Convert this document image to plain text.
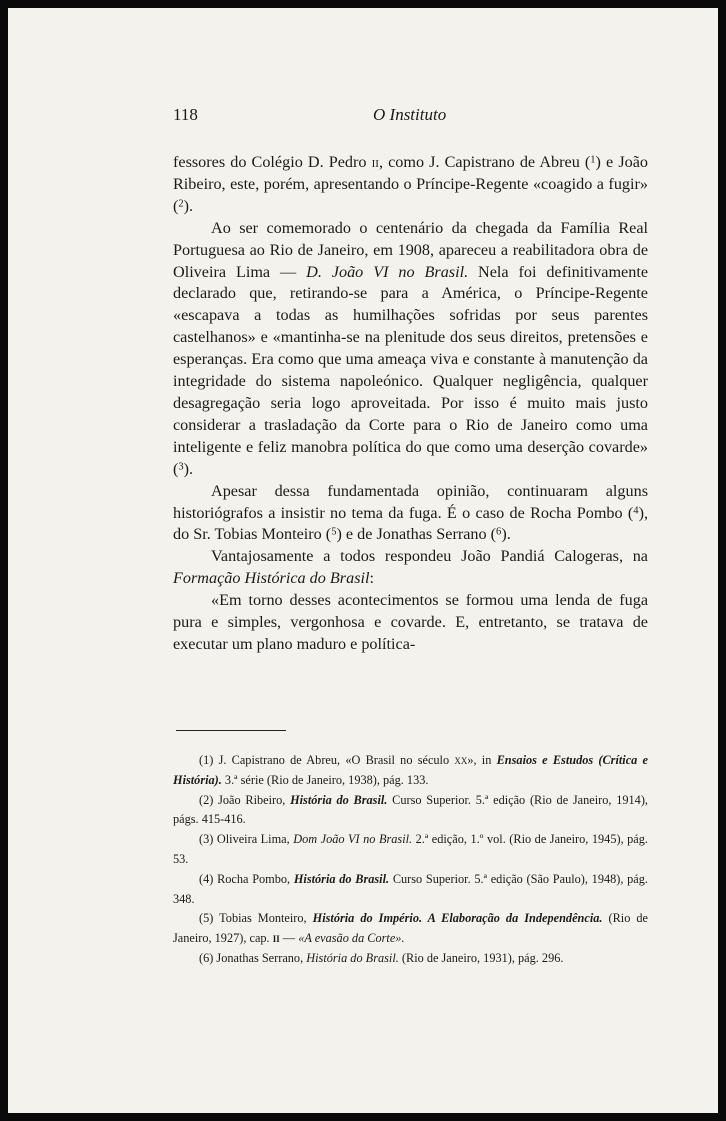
118	O Instituto

fessores do Colégio D. Pedro ii, como J. Capistrano de Abreu ($^1$) e João Ribeiro, este, porém, apresentando o Príncipe-Regente «coagido a fugir» ($^2$).

Ao ser comemorado o centenário da chegada da Família Real Portuguesa ao Rio de Janeiro, em 1908, apareceu a reabilitadora obra de Oliveira Lima — D. João VI no Brasil. Nela foi definitivamente declarado que, retirando-se para a América, o Príncipe-Regente «escapava a todas as humilhações sofridas por seus parentes castelhanos» e «mantinha-se na plenitude dos seus direitos, pretensões e esperanças. Era como que uma ameaça viva e constante à manutenção da integridade do sistema napoleónico. Qualquer negligência, qualquer desagregação seria logo aproveitada. Por isso é muito mais justo considerar a trasladação da Corte para o Rio de Janeiro como uma inteligente e feliz manobra política do que como uma deserção covarde» ($^3$).

Apesar dessa fundamentada opinião, continuaram alguns historiógrafos a insistir no tema da fuga. É o caso de Rocha Pombo ($^4$), do Sr. Tobias Monteiro ($^5$) e de Jonathas Serrano ($^6$).

Vantajosamente a todos respondeu João Pandiá Calogeras, na Formação Histórica do Brasil:

«Em torno desses acontecimentos se formou uma lenda de fuga pura e simples, vergonhosa e covarde. E, entretanto, se tratava de executar um plano maduro e política-

(1) J. Capistrano de Abreu, «O Brasil no século xx», in Ensaios e Estudos (Crítica e História). 3.ª série (Rio de Janeiro, 1938), pág. 133.

(2) João Ribeiro, História do Brasil. Curso Superior. 5.ª edição (Rio de Janeiro, 1914), págs. 415-416.

(3) Oliveira Lima, Dom João VI no Brasil. 2.ª edição, 1.º vol. (Rio de Janeiro, 1945), pág. 53.

(4) Rocha Pombo, História do Brasil. Curso Superior. 5.ª edição (São Paulo), 1948), pág. 348.

(5) Tobias Monteiro, História do Império. A Elaboração da Independência. (Rio de Janeiro, 1927), cap. ii — «A evasão da Corte».

(6) Jonathas Serrano, História do Brasil. (Rio de Janeiro, 1931), pág. 296.
